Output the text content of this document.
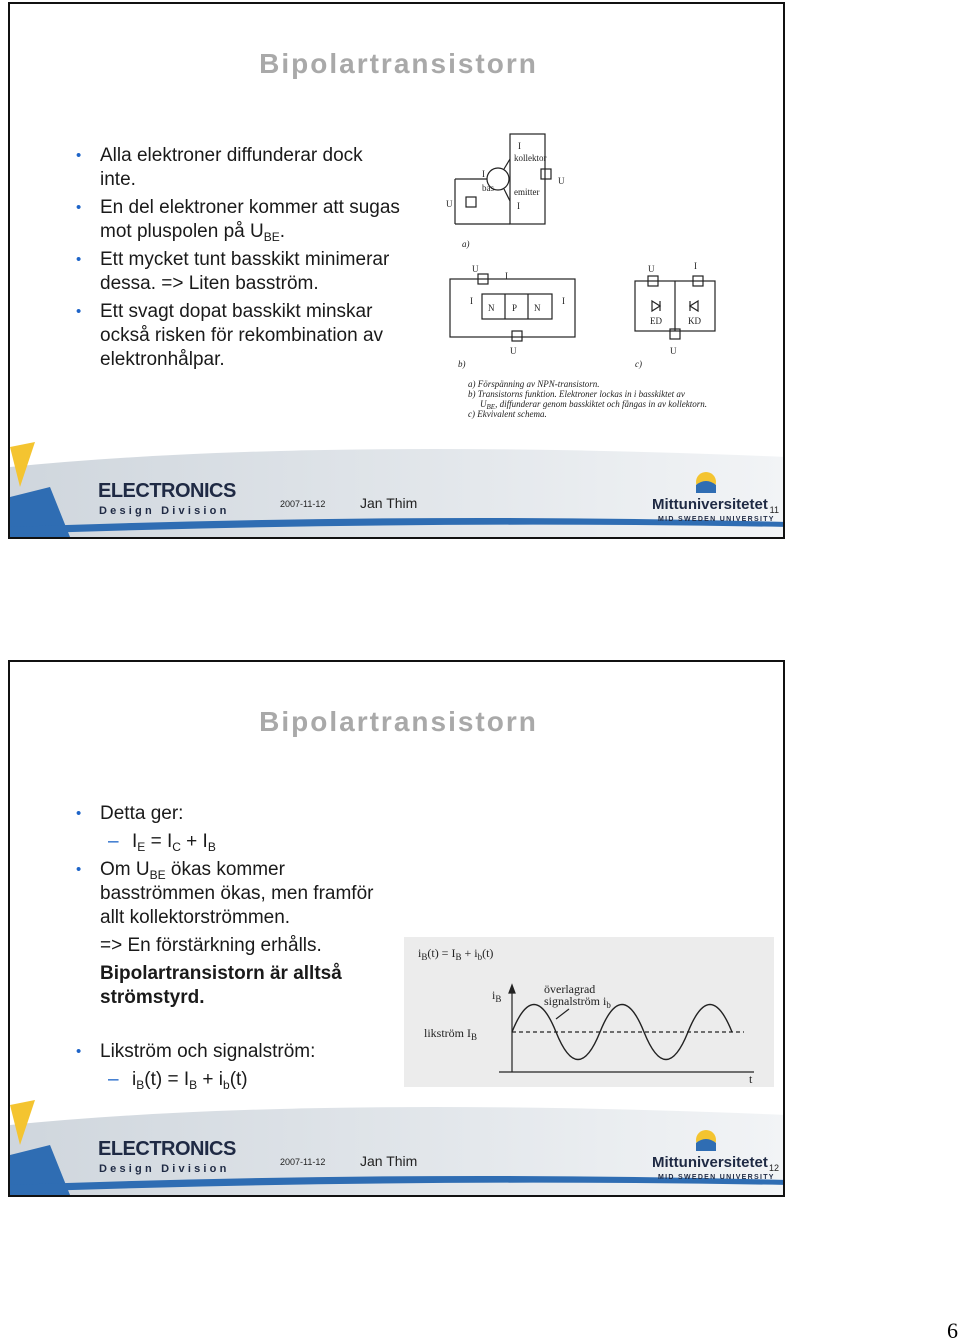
Bipolartransistorn
• Alla elektroner diffunderar dock inte.
• En del elektroner kommer att sugas mot pluspolen på $U_{BE}$.
• Ett mycket tunt basskikt minimerar dessa. => Liten basström.
• Ett svagt dopat basskikt minskar också risken för rekombination av elektronhålpar.
I
kollektor
I
bas emitter
I
U
U
a)
N P N
I	I
U
I
U
b)
ED	KD
U	I
U
c)
a) Förspänning av NPN-transistorn.
b) Transistorns funktion. Elektroner lockas in i basskiktet av
$U_{BE}$, diffunderar genom basskiktet och fångas in av kollektorn.
c) Ekvivalent schema.
ELECTRONICS
Design Division
2007-11-12 Jan Thim	Mittuniversitetet
MID SWEDEN UNIVERSITY
11
Bipolartransistorn
• Detta ger:
– $I_E = I_C + I_B$
• Om $U_{BE}$ ökas kommer basströmmen ökas, men framför allt kollektorströmmen.
=> En förstärkning erhålls.
Bipolartransistorn är alltså strömstyrd.
• Likström och signalström:
– $i_B(t) = I_B + i_b(t)$
$i_B(t) = I_B + i_b(t)$
$i_B$
överlagrad
signalström $i_b$
likström $I_B$
t
ELECTRONICS
Design Division
2007-11-12 Jan Thim	Mittuniversitetet
MID SWEDEN UNIVERSITY
12
6
